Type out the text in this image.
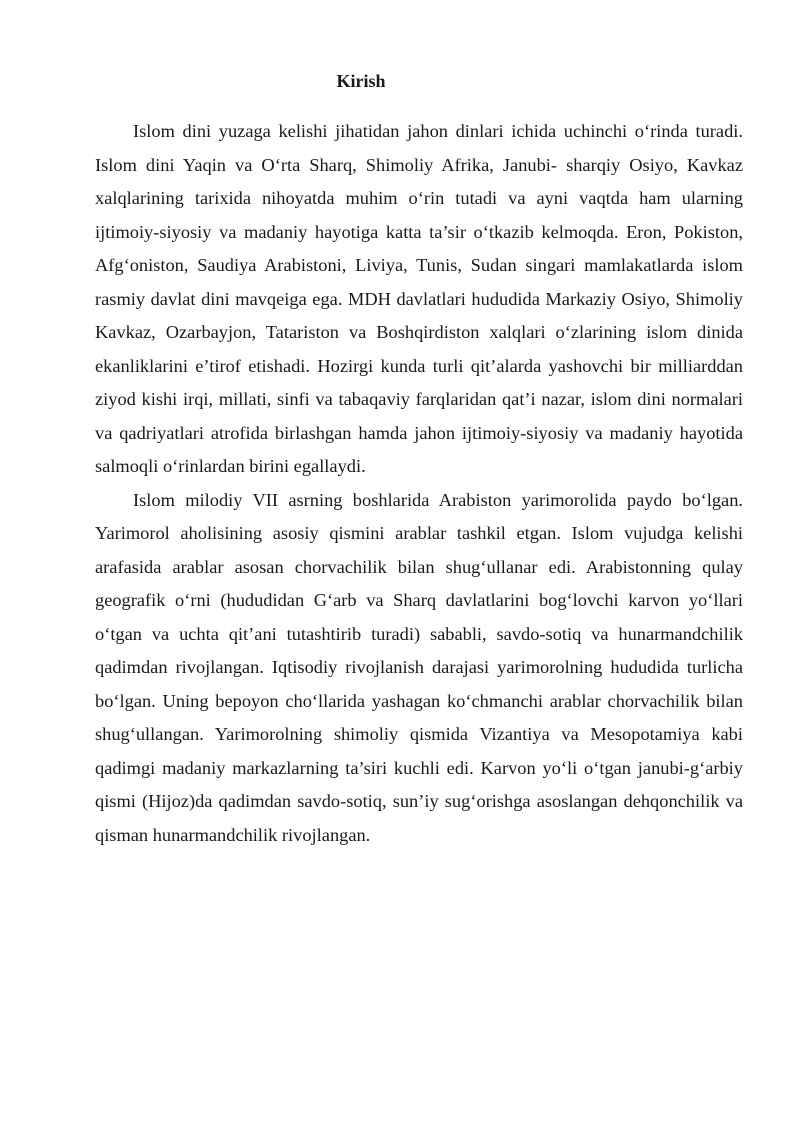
Kirish

Islom dini yuzaga kelishi jihatidan jahon dinlari ichida uchinchi o‘rinda turadi. Islom dini Yaqin va O‘rta Sharq, Shimoliy Afrika, Janubi- sharqiy Osiyo, Kavkaz xalqlarining tarixida nihoyatda muhim o‘rin tutadi va ayni vaqtda ham ularning ijtimoiy-siyosiy va madaniy hayotiga katta ta’sir o‘tkazib kelmoqda. Eron, Pokiston, Afg‘oniston, Saudiya Arabistoni, Liviya, Tunis, Sudan singari mamlakatlarda islom rasmiy davlat dini mavqeiga ega. MDH davlatlari hududida Markaziy Osiyo, Shimoliy Kavkaz, Ozarbayjon, Tatariston va Boshqirdiston xalqlari o‘zlarining islom dinida ekanliklarini e’tirof etishadi. Hozirgi kunda turli qit’alarda yashovchi bir milliarddan ziyod kishi irqi, millati, sinfi va tabaqaviy farqlaridan qat’i nazar, islom dini normalari va qadriyatlari atrofida birlashgan hamda jahon ijtimoiy-siyosiy va madaniy hayotida salmoqli o‘rinlardan birini egallaydi.

Islom milodiy VII asrning boshlarida Arabiston yarimorolida paydo bo‘lgan. Yarimorol aholisining asosiy qismini arablar tashkil etgan. Islom vujudga kelishi arafasida arablar asosan chorvachilik bilan shug‘ullanar edi. Arabistonning qulay geografik o‘rni (hududidan G‘arb va Sharq davlatlarini bog‘lovchi karvon yo‘llari o‘tgan va uchta qit’ani tutashtirib turadi) sababli, savdo-sotiq va hunarmandchilik qadimdan rivojlangan. Iqtisodiy rivojlanish darajasi yarimorolning hududida turlicha bo‘lgan. Uning bepoyon cho‘llarida yashagan ko‘chmanchi arablar chorvachilik bilan shug‘ullangan. Yarimorolning shimoliy qismida Vizantiya va Mesopotamiya kabi qadimgi madaniy markazlarning ta’siri kuchli edi. Karvon yo‘li o‘tgan janubi-g‘arbiy qismi (Hijoz)da qadimdan savdo-sotiq, sun’iy sug‘orishga asoslangan dehqonchilik va qisman hunarmandchilik rivojlangan.
